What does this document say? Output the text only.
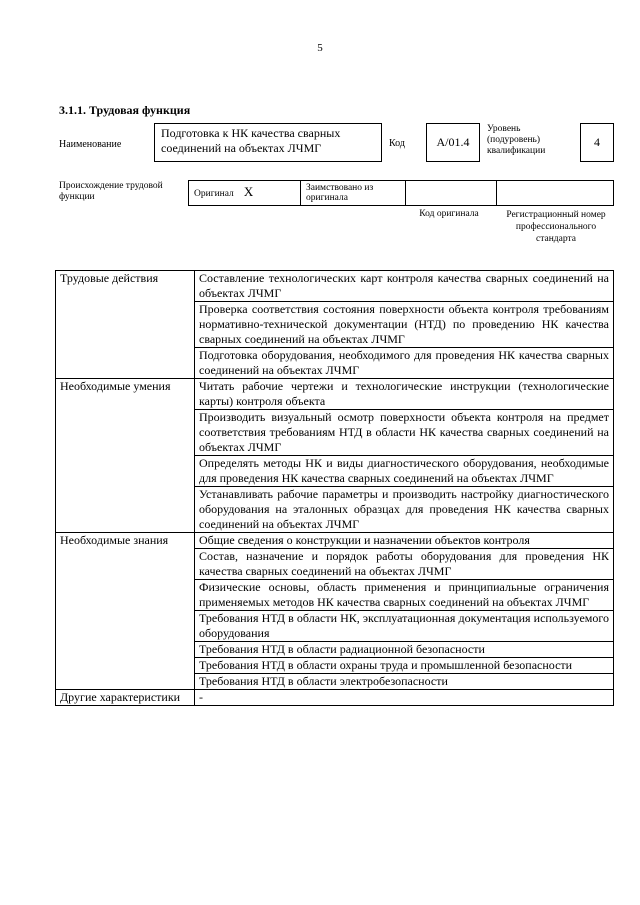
5
3.1.1. Трудовая функция
Наименование
Подготовка к НК качества сварных соединений на объектах ЛЧМГ	Код	А/01.4
Уровень (подуровень) квалификации
4
Происхождение трудовой функции	Оригинал X	Заимствовано из оригинала		
Код оригинала	Регистрационный номер профессионального стандарта
Трудовые действия	Составление технологических карт контроля качества сварных соединений на объектах ЛЧМГ
	Проверка соответствия состояния поверхности объекта контроля требованиям нормативно-технической документации (НТД) по проведению НК качества сварных соединений на объектах ЛЧМГ
	Подготовка оборудования, необходимого для проведения НК качества сварных соединений на объектах ЛЧМГ
Необходимые умения	Читать рабочие чертежи и технологические инструкции (технологические карты) контроля объекта
	Производить визуальный осмотр поверхности объекта контроля на предмет соответствия требованиям НТД в области НК качества сварных соединений на объектах ЛЧМГ
	Определять методы НК и виды диагностического оборудования, необходимые для проведения НК качества сварных соединений на объектах ЛЧМГ
	Устанавливать рабочие параметры и производить настройку диагностического оборудования на эталонных образцах для проведения НК качества сварных соединений на объектах ЛЧМГ
Необходимые знания	Общие сведения о конструкции и назначении объектов контроля
	Состав, назначение и порядок работы оборудования для проведения НК качества сварных соединений на объектах ЛЧМГ
	Физические основы, область применения и принципиальные ограничения применяемых методов НК качества сварных соединений на объектах ЛЧМГ
	Требования НТД в области НК, эксплуатационная документация используемого оборудования
	Требования НТД в области радиационной безопасности
	Требования НТД в области охраны труда и промышленной безопасности
	Требования НТД в области электробезопасности
Другие характеристики	-
